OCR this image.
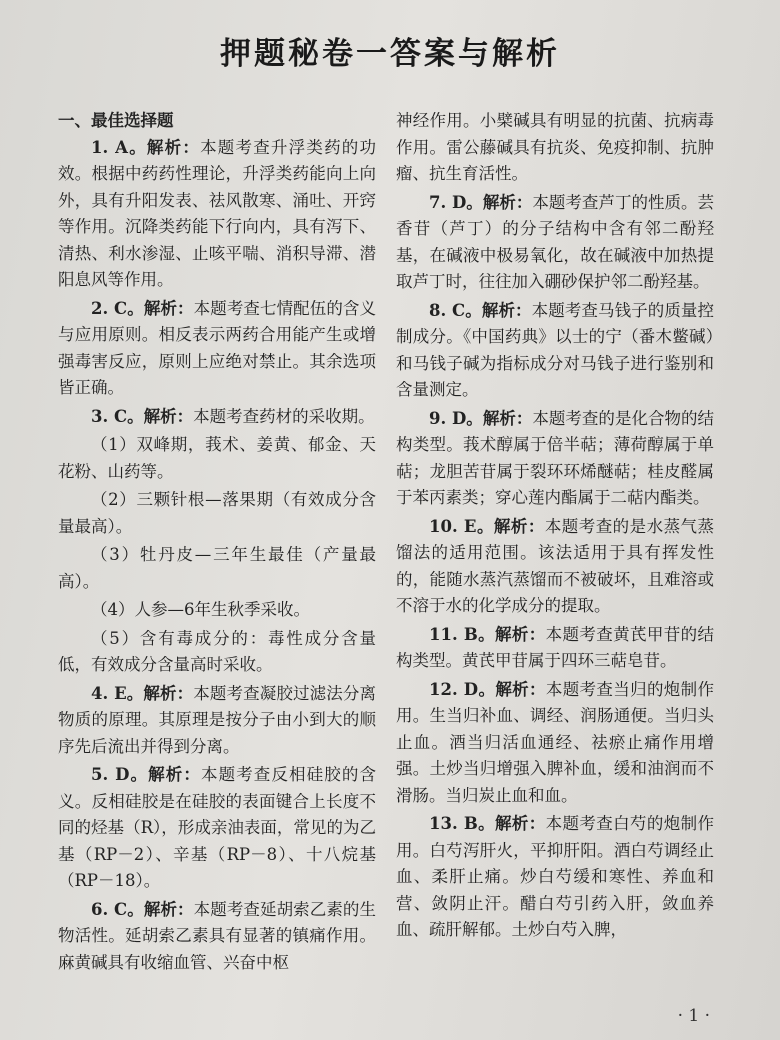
押题秘卷一答案与解析
一、最佳选择题

1. A。解析：本题考查升浮类药的功效。根据中药药性理论，升浮类药能向上向外，具有升阳发表、祛风散寒、涌吐、开窍等作用。沉降类药能下行向内，具有泻下、清热、利水渗湿、止咳平喘、消积导滞、潜阳息风等作用。

2. C。解析：本题考查七情配伍的含义与应用原则。相反表示两药合用能产生或增强毒害反应，原则上应绝对禁止。其余选项皆正确。

3. C。解析：本题考查药材的采收期。

（1）双峰期，莪术、姜黄、郁金、天花粉、山药等。

（2）三颗针根—落果期（有效成分含量最高）。

（3）牡丹皮—三年生最佳（产量最高）。

（4）人参—6年生秋季采收。

（5）含有毒成分的：毒性成分含量低，有效成分含量高时采收。

4. E。解析：本题考查凝胶过滤法分离物质的原理。其原理是按分子由小到大的顺序先后流出并得到分离。

5. D。解析：本题考查反相硅胶的含义。反相硅胶是在硅胶的表面键合上长度不同的烃基（R），形成亲油表面，常见的为乙基（RP－2）、辛基（RP－8）、十八烷基（RP－18）。

6. C。解析：本题考查延胡索乙素的生物活性。延胡索乙素具有显著的镇痛作用。麻黄碱具有收缩血管、兴奋中枢

神经作用。小檗碱具有明显的抗菌、抗病毒作用。雷公藤碱具有抗炎、免疫抑制、抗肿瘤、抗生育活性。

7. D。解析：本题考查芦丁的性质。芸香苷（芦丁）的分子结构中含有邻二酚羟基，在碱液中极易氧化，故在碱液中加热提取芦丁时，往往加入硼砂保护邻二酚羟基。

8. C。解析：本题考查马钱子的质量控制成分。《中国药典》以士的宁（番木鳖碱）和马钱子碱为指标成分对马钱子进行鉴别和含量测定。

9. D。解析：本题考查的是化合物的结构类型。莪术醇属于倍半萜；薄荷醇属于单萜；龙胆苦苷属于裂环环烯醚萜；桂皮醛属于苯丙素类；穿心莲内酯属于二萜内酯类。

10. E。解析：本题考查的是水蒸气蒸馏法的适用范围。该法适用于具有挥发性的，能随水蒸汽蒸馏而不被破坏，且难溶或不溶于水的化学成分的提取。

11. B。解析：本题考查黄芪甲苷的结构类型。黄芪甲苷属于四环三萜皂苷。

12. D。解析：本题考查当归的炮制作用。生当归补血、调经、润肠通便。当归头止血。酒当归活血通经、祛瘀止痛作用增强。土炒当归增强入脾补血，缓和油润而不滑肠。当归炭止血和血。

13. B。解析：本题考查白芍的炮制作用。白芍泻肝火，平抑肝阳。酒白芍调经止血、柔肝止痛。炒白芍缓和寒性、养血和营、敛阴止汗。醋白芍引药入肝，敛血养血、疏肝解郁。土炒白芍入脾，

· 1 ·
